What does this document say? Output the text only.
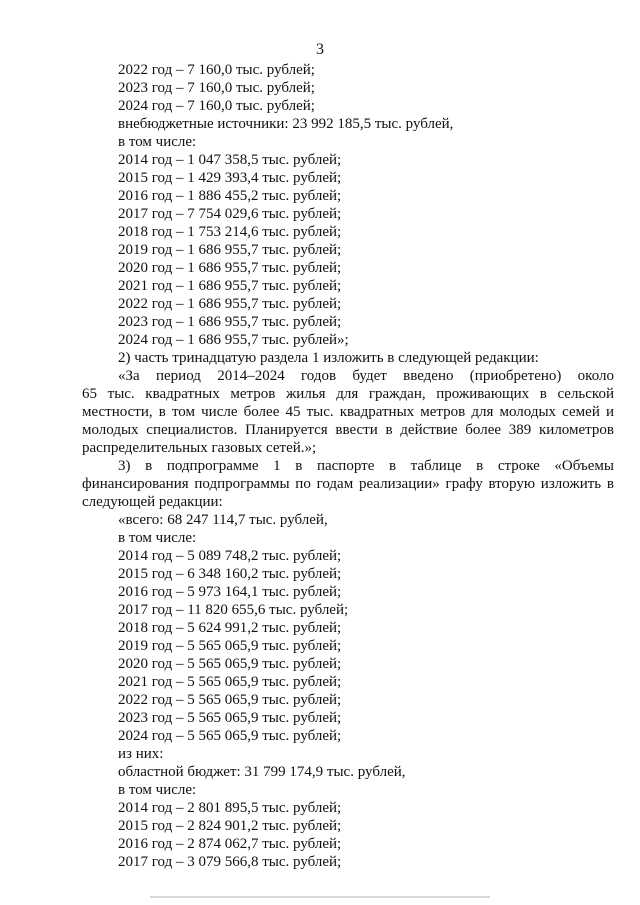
3
2022 год – 7 160,0 тыс. рублей;
2023 год – 7 160,0 тыс. рублей;
2024 год – 7 160,0 тыс. рублей;
внебюджетные источники: 23 992 185,5 тыс. рублей,
в том числе:
2014 год – 1 047 358,5 тыс. рублей;
2015 год – 1 429 393,4 тыс. рублей;
2016 год – 1 886 455,2 тыс. рублей;
2017 год – 7 754 029,6 тыс. рублей;
2018 год – 1 753 214,6 тыс. рублей;
2019 год – 1 686 955,7 тыс. рублей;
2020 год – 1 686 955,7 тыс. рублей;
2021 год – 1 686 955,7 тыс. рублей;
2022 год – 1 686 955,7 тыс. рублей;
2023 год – 1 686 955,7 тыс. рублей;
2024 год – 1 686 955,7 тыс. рублей»;
2) часть тринадцатую раздела 1 изложить в следующей редакции:
«За период 2014–2024 годов будет введено (приобретено) около
65 тыс. квадратных метров жилья для граждан, проживающих в сельской
местности, в том числе более 45 тыс. квадратных метров для молодых семей и
молодых специалистов. Планируется ввести в действие более 389 километров
распределительных газовых сетей.»;
3) в подпрограмме 1 в паспорте в таблице в строке «Объемы
финансирования подпрограммы по годам реализации» графу вторую изложить в
следующей редакции:
«всего: 68 247 114,7 тыс. рублей,
в том числе:
2014 год – 5 089 748,2 тыс. рублей;
2015 год – 6 348 160,2 тыс. рублей;
2016 год – 5 973 164,1 тыс. рублей;
2017 год – 11 820 655,6 тыс. рублей;
2018 год – 5 624 991,2 тыс. рублей;
2019 год – 5 565 065,9 тыс. рублей;
2020 год – 5 565 065,9 тыс. рублей;
2021 год – 5 565 065,9 тыс. рублей;
2022 год – 5 565 065,9 тыс. рублей;
2023 год – 5 565 065,9 тыс. рублей;
2024 год – 5 565 065,9 тыс. рублей;
из них:
областной бюджет: 31 799 174,9 тыс. рублей,
в том числе:
2014 год – 2 801 895,5 тыс. рублей;
2015 год – 2 824 901,2 тыс. рублей;
2016 год – 2 874 062,7 тыс. рублей;
2017 год – 3 079 566,8 тыс. рублей;
